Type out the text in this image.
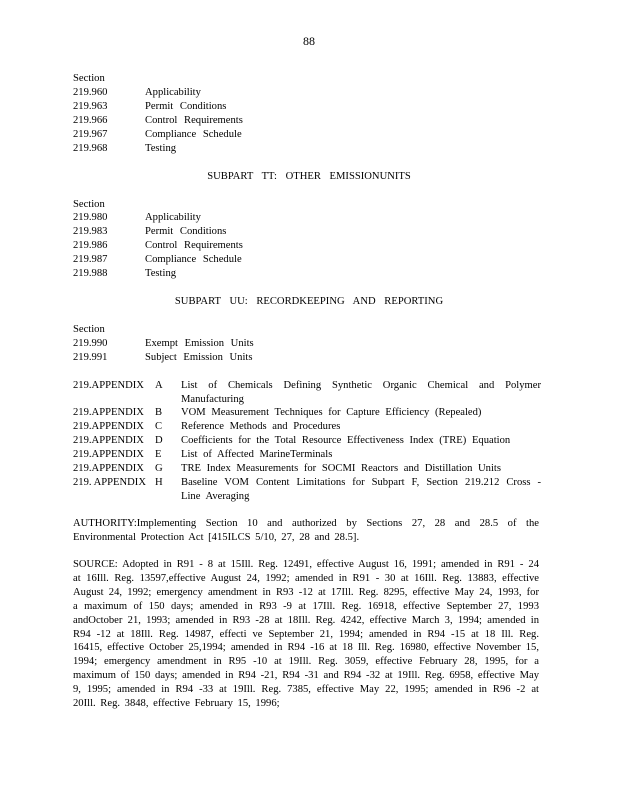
88
Section
219.960	Applicability
219.963	Permit Conditions
219.966	Control Requirements
219.967	Compliance Schedule
219.968	Testing
SUBPART TT: OTHER EMISSIONUNITS
Section
219.980	Applicability
219.983	Permit Conditions
219.986	Control Requirements
219.987	Compliance Schedule
219.988	Testing
SUBPART UU: RECORDKEEPING AND REPORTING
Section
219.990	Exempt Emission Units
219.991	Subject Emission Units
219.APPENDIX A List of Chemicals Defining Synthetic Organic Chemical and Polymer Manufacturing
219.APPENDIX B VOM Measurement Techniques for Capture Efficiency (Repealed)
219.APPENDIX C Reference Methods and Procedures
219.APPENDIX D Coefficients for the Total Resource Effectiveness Index (TRE) Equation
219.APPENDIX E List of Affected MarineTerminals
219.APPENDIX G TRE Index Measurements for SOCMI Reactors and Distillation Units
219. APPENDIX H Baseline VOM Content Limitations for Subpart F, Section 219.212 Cross - Line Averaging
AUTHORITY:Implementing Section 10 and authorized by Sections 27, 28 and 28.5 of the Environmental Protection Act [415ILCS 5/10, 27, 28 and 28.5].
SOURCE: Adopted in R91 - 8 at 15Ill. Reg. 12491, effective August 16, 1991; amended in R91 - 24 at 16Ill. Reg. 13597,effective August 24, 1992; amended in R91 - 30 at 16Ill. Reg. 13883, effective August 24, 1992; emergency amendment in R93 -12 at 17Ill. Reg. 8295, effective May 24, 1993, for a maximum of 150 days; amended in R93 -9 at 17Ill. Reg. 16918, effective September 27, 1993 andOctober 21, 1993; amended in R93 -28 at 18Ill. Reg. 4242, effective March 3, 1994; amended in R94 -12 at 18Ill. Reg. 14987, effecti ve September 21, 1994; amended in R94 -15 at 18 Ill. Reg. 16415, effective October 25,1994; amended in R94 -16 at 18 Ill. Reg. 16980, effective November 15, 1994; emergency amendment in R95 -10 at 19Ill. Reg. 3059, effective February 28, 1995, for a maximum of 150 days; amended in R94 -21, R94 -31 and R94 -32 at 19Ill. Reg. 6958, effective May 9, 1995; amended in R94 -33 at 19Ill. Reg. 7385, effective May 22, 1995; amended in R96 -2 at 20Ill. Reg. 3848, effective February 15, 1996;
